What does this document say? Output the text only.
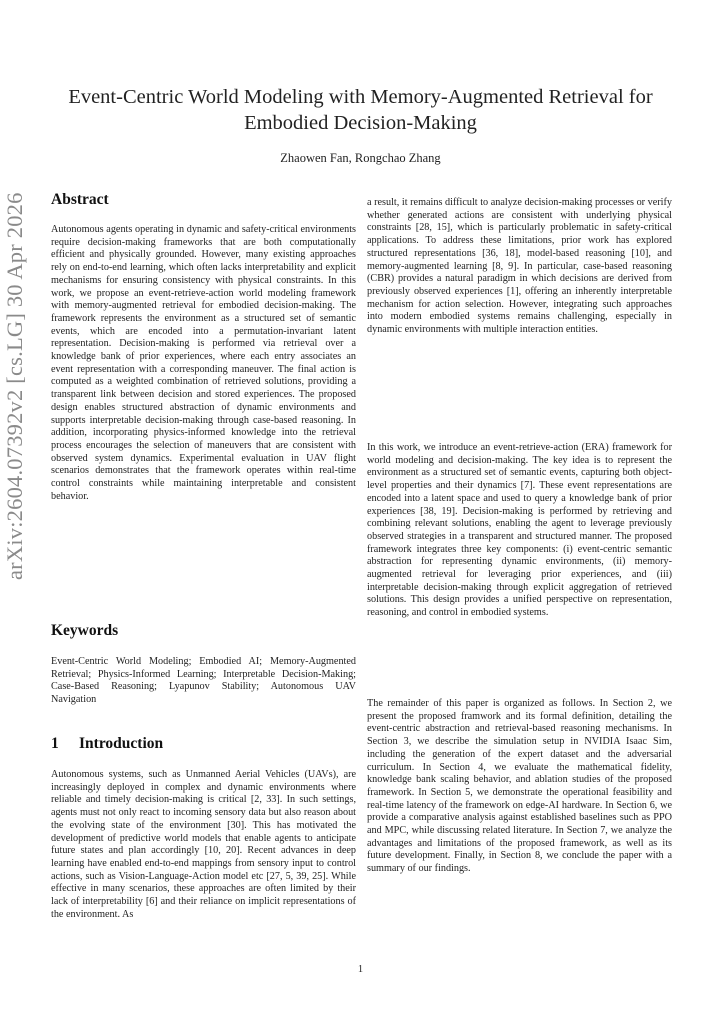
arXiv:2604.07392v2 [cs.LG] 30 Apr 2026
Event-Centric World Modeling with Memory-Augmented Retrieval for Embodied Decision-Making
Zhaowen Fan, Rongchao Zhang
Abstract

Autonomous agents operating in dynamic and safety-critical environments require decision-making frameworks that are both computationally efficient and physically grounded. However, many existing approaches rely on end-to-end learning, which often lacks interpretability and explicit mechanisms for ensuring consistency with physical constraints. In this work, we propose an event-retrieve-action world modeling framework with memory-augmented retrieval for embodied decision-making. The framework represents the environment as a structured set of semantic events, which are encoded into a permutation-invariant latent representation. Decision-making is performed via retrieval over a knowledge bank of prior experiences, where each entry associates an event representation with a corresponding maneuver. The final action is computed as a weighted combination of retrieved solutions, providing a transparent link between decision and stored experiences. The proposed design enables structured abstraction of dynamic environments and supports interpretable decision-making through case-based reasoning. In addition, incorporating physics-informed knowledge into the retrieval process encourages the selection of maneuvers that are consistent with observed system dynamics. Experimental evaluation in UAV flight scenarios demonstrates that the framework operates within real-time control constraints while maintaining interpretable and consistent behavior.

Keywords

Event-Centric World Modeling; Embodied AI; Memory-Augmented Retrieval; Physics-Informed Learning; Interpretable Decision-Making; Case-Based Reasoning; Lyapunov Stability; Autonomous UAV Navigation

1 Introduction

Autonomous systems, such as Unmanned Aerial Vehicles (UAVs), are increasingly deployed in complex and dynamic environments where reliable and timely decision-making is critical [2, 33]. In such settings, agents must not only react to incoming sensory data but also reason about the evolving state of the environment [30]. This has motivated the development of predictive world models that enable agents to anticipate future states and plan accordingly [10, 20]. Recent advances in deep learning have enabled end-to-end mappings from sensory input to control actions, such as Vision-Language-Action model etc [27, 5, 39, 25]. While effective in many scenarios, these approaches are often limited by their lack of interpretability [6] and their reliance on implicit representations of the environment. As

a result, it remains difficult to analyze decision-making processes or verify whether generated actions are consistent with underlying physical constraints [28, 15], which is particularly problematic in safety-critical applications. To address these limitations, prior work has explored structured representations [36, 18], model-based reasoning [10], and memory-augmented learning [8, 9]. In particular, case-based reasoning (CBR) provides a natural paradigm in which decisions are derived from previously observed experiences [1], offering an inherently interpretable mechanism for action selection. However, integrating such approaches into modern embodied systems remains challenging, especially in dynamic environments with multiple interaction entities.

In this work, we introduce an event-retrieve-action (ERA) framework for world modeling and decision-making. The key idea is to represent the environment as a structured set of semantic events, capturing both object-level properties and their dynamics [7]. These event representations are encoded into a latent space and used to query a knowledge bank of prior experiences [38, 19]. Decision-making is performed by retrieving and combining relevant solutions, enabling the agent to leverage previously observed strategies in a transparent and structured manner. The proposed framework integrates three key components: (i) event-centric semantic abstraction for representing dynamic environments, (ii) memory-augmented retrieval for leveraging prior experiences, and (iii) interpretable decision-making through explicit aggregation of retrieved solutions. This design provides a unified perspective on representation, reasoning, and control in embodied systems.

The remainder of this paper is organized as follows. In Section 2, we present the proposed framwork and its formal definition, detailing the event-centric abstraction and retrieval-based reasoning mechanisms. In Section 3, we describe the simulation setup in NVIDIA Isaac Sim, including the generation of the expert dataset and the adversarial curriculum. In Section 4, we evaluate the mathematical fidelity, knowledge bank scaling behavior, and ablation studies of the proposed framework. In Section 5, we demonstrate the operational feasibility and real-time latency of the framework on edge-AI hardware. In Section 6, we provide a comparative analysis against established baselines such as PPO and MPC, while discussing related literature. In Section 7, we analyze the advantages and limitations of the proposed framework, as well as its future development. Finally, in Section 8, we conclude the paper with a summary of our findings.

1
